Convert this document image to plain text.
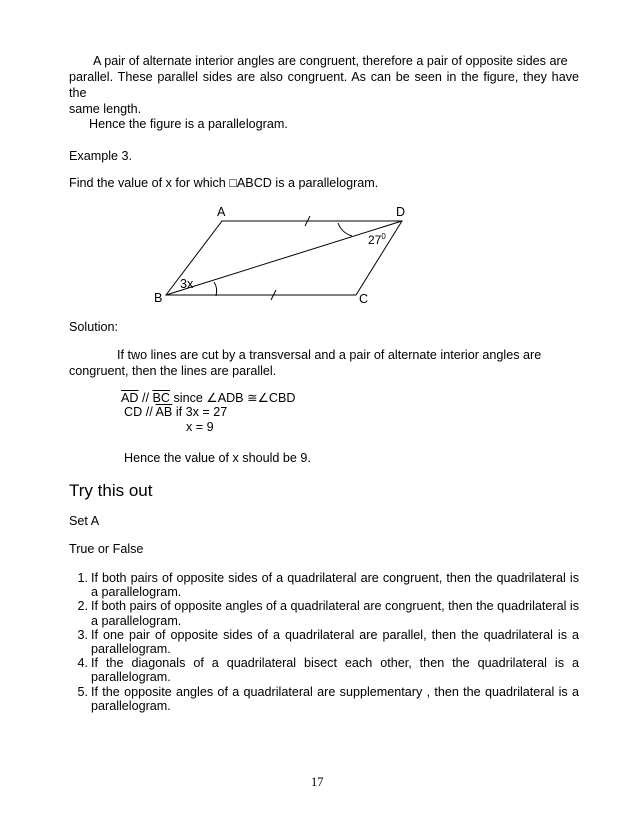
A pair of alternate interior angles are congruent, therefore a pair of opposite sides are
parallel. These parallel sides are also congruent. As can be seen in the figure, they have the
same length.
Hence the figure is a parallelogram.
Example 3.
Find the value of x for which □ABCD is a parallelogram.
A	D
B	C
$27^0$
3x
Solution:
If two lines are cut by a transversal and a pair of alternate interior angles are
congruent, then the lines are parallel.
$\overline{AD} // \overline{BC}$ since ∠ADB ≅∠CBD
CD // $\overline{AB}$ if 3x = 27
x = 9
Hence the value of x should be 9.
Try this out
Set A
True or False
1. If both pairs of opposite sides of a quadrilateral are congruent, then the quadrilateral is a parallelogram.
2. If both pairs of opposite angles of a quadrilateral are congruent, then the quadrilateral is a parallelogram.
3. If one pair of opposite sides of a quadrilateral are parallel, then the quadrilateral is a parallelogram.
4. If the diagonals of a quadrilateral bisect each other, then the quadrilateral is a parallelogram.
5. If the opposite angles of a quadrilateral are supplementary , then the quadrilateral is a parallelogram.
17
